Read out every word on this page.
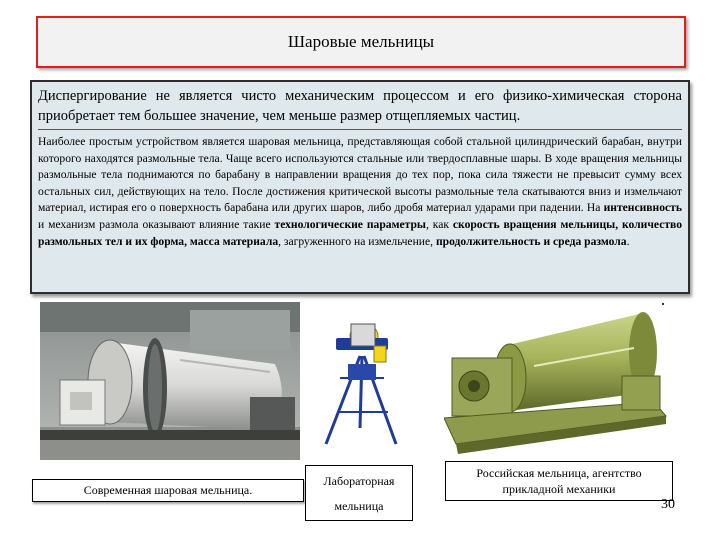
Шаровые мельницы

Диспергирование не является чисто механическим процессом и его физико-химическая сторона приобретает тем большее значение, чем меньше размер отщепляемых частиц.

Наиболее простым устройством является шаровая мельница, представляющая собой стальной цилиндрический барабан, внутри которого находятся размольные тела. Чаще всего используются стальные или твердосплавные шары. В ходе вращения мельницы размольные тела поднимаются по барабану в направлении вращения до тех пор, пока сила тяжести не превысит сумму всех остальных сил, действующих на тело. После достижения критической высоты размольные тела скатываются вниз и измельчают материал, истирая его о поверхность барабана или других шаров, либо дробя материал ударами при падении. На интенсивность и механизм размола оказывают влияние такие технологические параметры, как скорость вращения мельницы, количество размольных тел и их форма, масса материала, загруженного на измельчение, продолжительность и среда размола.

Современная шаровая мельница.
Лабораторная
мельница
Российская мельница, агентство прикладной механики
30
